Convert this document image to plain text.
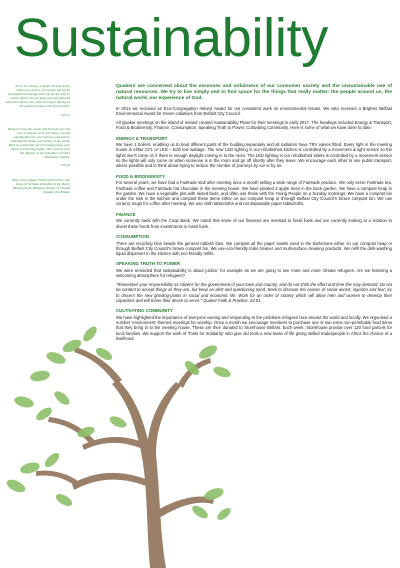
Sustainability

Try to live simply. A simple lifestyle freely chosen is a source of strength. Do not be persuaded into buying what you do not need or cannot afford. Do you keep yourself informed about the effects your style of living is having on the global economy and environment?

1.02.41

We do not own the world, and its riches are not ours to dispose of at will. Show a loving consideration for all creatures, and seek to maintain the beauty and variety of the world. Work to ensure that our increasing power over nature is used responsibly, with reverence for life. Rejoice in the splendour of God's continuing creation.

1.02.42

Taken from Quaker Faith and Practice: The book of Christian discipline of the Yearly Meeting of the Religious Society of Friends (Quakers) in Britain

Quakers are concerned about the excesses and unfairness of our consumer society and the unsustainable use of natural resources. We try to live simply and to find space for the things that really matter: the people around us, the natural world, our experience of God.

In 2014 we received an Eco-Congregation Ireland Award for our consistent work on environmental issues. We also received a Brighter Belfast Environmental Award for Green initiatives from Belfast City Council.

All Quaker meetings on the island of Ireland created Sustainability Plans for their meetings in early 2017. The headings included Energy & Transport, Food & Biodiversity, Finance, Consumption, Speaking Truth to Power, Cultivating Community. Here is some of what we have done to date:

ENERGY & TRANSPORT

We have 2 boilers, enabling us to heat different parts of the building separately and all radiators have TRV valves fitted. Every light in the meeting house is either CFL or LED – both low wattage. The new LED lighting in our refurbished kitchen is controlled by a movement & light sensor so the lights won't come on if there is enough daylight coming in to the room. The LED lighting in our refurbished toilets is controlled by a movement sensor so the lights will only come on when someone is in the room and go off shortly after they leave. We encourage each other to use public transport, where possible and to think about trying to reduce the number of journeys by car or by air.

FOOD & BIODIVERSITY

For several years, we have had a Fairtrade stall after meeting once a month selling a wide range of Fairtrade produce. We only serve Fairtrade tea, Fairtrade coffee and Fairtrade hot chocolate in the meeting house. We have planted 3 apple trees in the back garden. We have a compost heap in the garden. We have a vegetable plot with raised beds, and often use these with the Young People on a Sunday mornings. We have a compost bin under the sink in the kitchen and compost these items either on our compost heap or through Belfast City Council's brown compost bin. We use ceramic mugs for coffee after meeting. We use cloth tablecloths and not disposable paper tablecloths.

FINANCE

We currently bank with the Coop Bank. We noted that some of our finances are invested in fossil fuels and are currently looking at a solution to divest these funds from investments in fossil fuels.

CONSUMPTION

There are recycling bins beside the general rubbish bins. We compost all the paper towels used in the bathrooms either on our compost heap or through Belfast City Council's brown compost bin. We use eco-friendly toilet cleaner and multi-surface cleaning products. We refill the dish-washing liquid dispenser in the kitchen with eco-friendly refills.

SPEAKING TRUTH TO POWER

We were reminded that sustainability is about justice, for example as we are going to see more and more climate refugees. Are we fostering a welcoming atmosphere for refugees?

"Remember your responsibility as citizens for the government of your town and country, and do not shirk the effort and time this may demand. Do not be content to accept things as they are, but keep an alert and questioning mind. Seek to discover the causes of social unrest, injustice and fear; try to discern the new growing-points in social and economic life. Work for an order of society which will allow men and women to develop their capacities and will foster their desire to serve." Quaker Faith & Practice, 23.01.

CULTIVATING COMMUNITY

We have highlighted the importance of everyone owning and responding to the problems refugees face around the world and locally. We organised a number 'environment' themed meetings for worship. Once a month we encourage members to purchase one or two extra non-perishable food items that they bring in to the meeting house. These are then donated to Storehouse Belfast. Each week, Storehouse provide over 120 food parcels for local families. We support the work of 'Tools for Solidarity' who give old tools a new lease of life giving skilled tradespeople in Africa the chance of a livelihood.
